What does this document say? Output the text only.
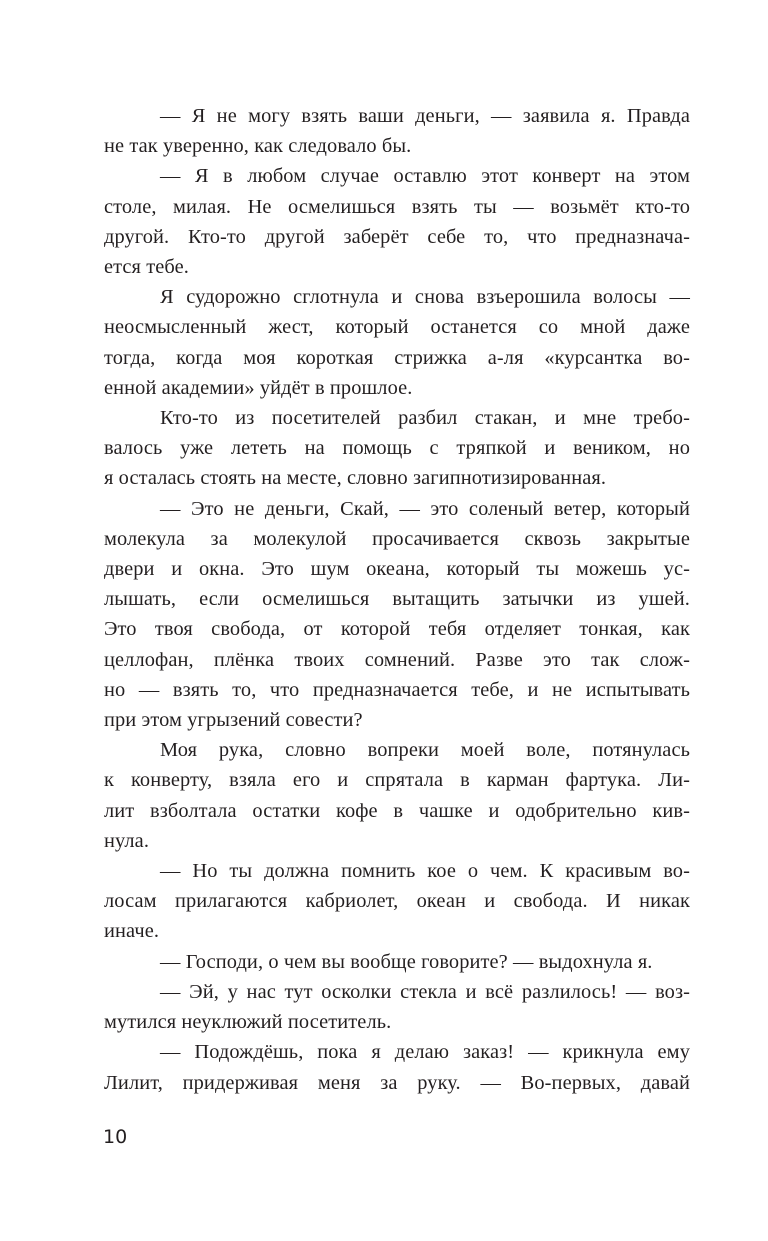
— Я не могу взять ваши деньги, — заявила я. Правдане так уверенно, как следовало бы.

— Я в любом случае оставлю этот конверт на этомстоле, милая. Не осмелишься взять ты — возьмёт кто-тодругой. Кто-то другой заберёт себе то, что предназнача-ется тебе.

Я судорожно сглотнула и снова взъерошила волосы —неосмысленный жест, который останется со мной дажетогда, когда моя короткая стрижка а-ля «курсантка во-енной академии» уйдёт в прошлое.

Кто-то из посетителей разбил стакан, и мне требо-валось уже лететь на помощь с тряпкой и веником, ноя осталась стоять на месте, словно загипнотизированная.

— Это не деньги, Скай, — это соленый ветер, которыймолекула за молекулой просачивается сквозь закрытыедвери и окна. Это шум океана, который ты можешь ус-лышать, если осмелишься вытащить затычки из ушей.Это твоя свобода, от которой тебя отделяет тонкая, какцеллофан, плёнка твоих сомнений. Разве это так слож-но — взять то, что предназначается тебе, и не испытыватьпри этом угрызений совести?

Моя рука, словно вопреки моей воле, потянуласьк конверту, взяла его и спрятала в карман фартука. Ли-лит взболтала остатки кофе в чашке и одобрительно кив-нула.

— Но ты должна помнить кое о чем. К красивым во-лосам прилагаются кабриолет, океан и свобода. И никакиначе.

— Господи, о чем вы вообще говорите? — выдохнула я.

— Эй, у нас тут осколки стекла и всё разлилось! — воз-мутился неуклюжий посетитель.

— Подождёшь, пока я делаю заказ! — крикнула емуЛилит, придерживая меня за руку. — Во-первых, давай

10
